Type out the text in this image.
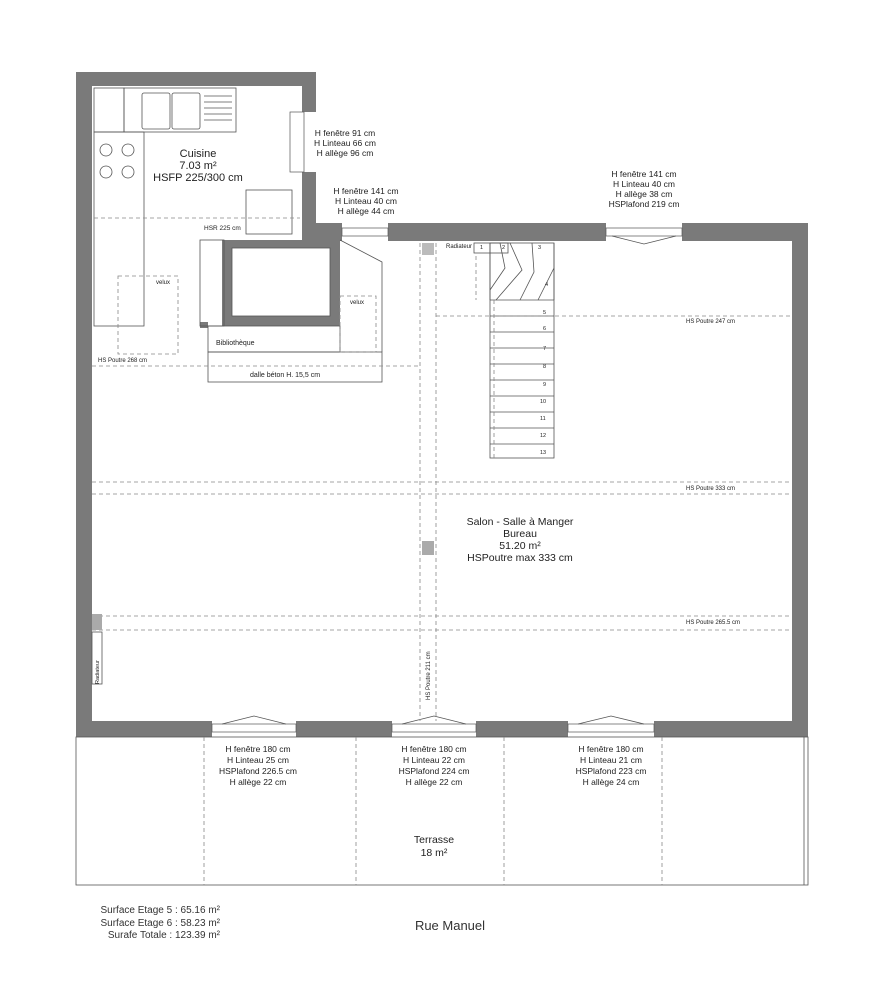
Cuisine
7.03 m²
HSFP 225/300 cm
H fenêtre 91 cm
H Linteau 66 cm
H allège 96 cm
H fenêtre 141 cm
H Linteau 40 cm
H allège 44 cm
H fenêtre 141 cm
H Linteau 40 cm
H allège 38 cm
HSPlafond 219 cm
HSR 225 cm
velux
velux
Bibliothèque
dalle béton H. 15,5 cm
Radiateur
HS Poutre 268 cm
HS Poutre 247 cm
HS Poutre 333 cm
HS Poutre 265.5 cm
HS Poutre 211 cm
Radiateur
1	2	3
4
5
6
7
8
9
10
11
12
13
Salon - Salle à Manger
Bureau
51.20 m²
HSPoutre max 333 cm
H fenêtre 180 cm
H Linteau 25 cm
HSPlafond 226.5 cm
H allège 22 cm
H fenêtre 180 cm
H Linteau 22 cm
HSPlafond 224 cm
H allège 22 cm
H fenêtre 180 cm
H Linteau 21 cm
HSPlafond 223 cm
H allège 24 cm
Terrasse
18 m²
Surface Etage 5 : 65.16 m²
Surface Etage 6 : 58.23 m²
Surafe Totale : 123.39 m²
Rue Manuel
